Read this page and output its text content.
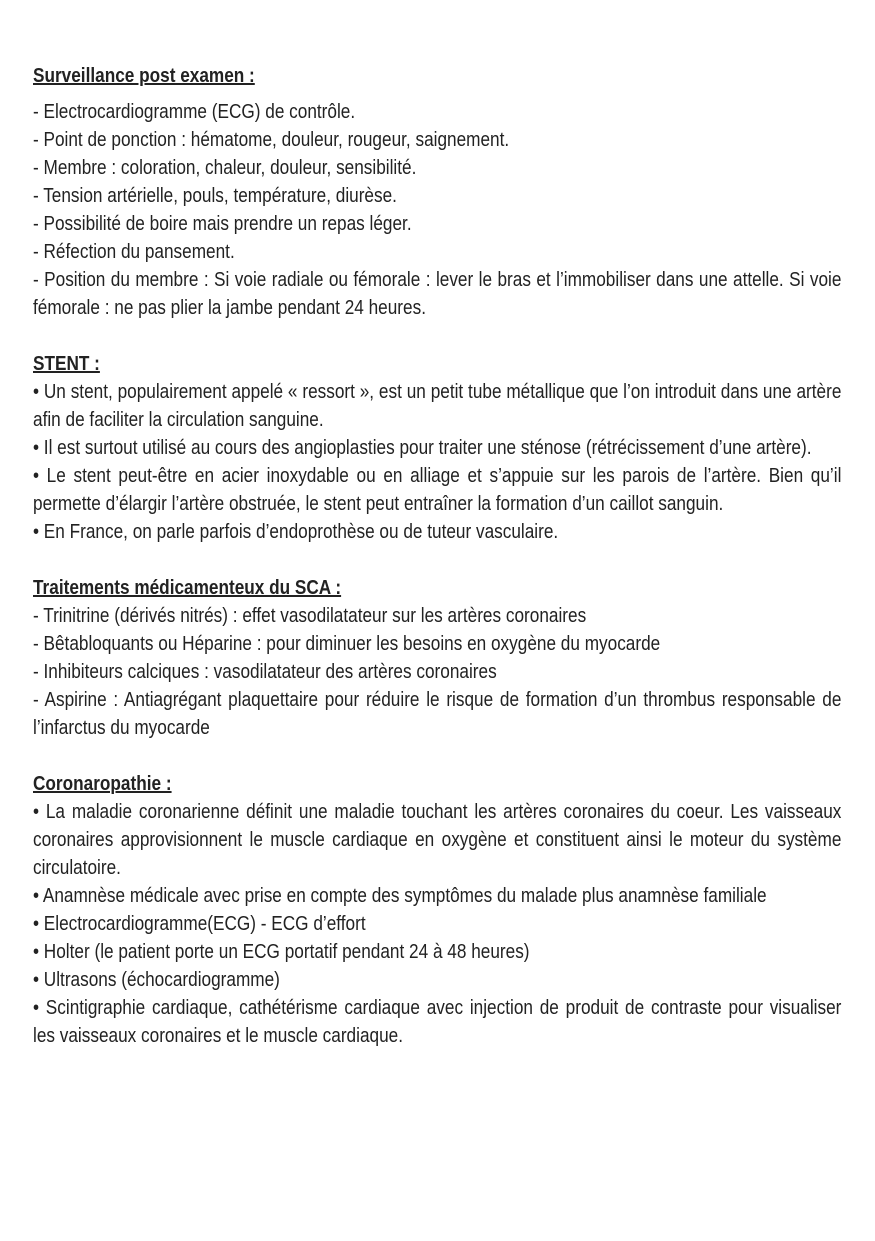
Surveillance post examen :

- Electrocardiogramme (ECG) de contrôle.

- Point de ponction : hématome, douleur, rougeur, saignement.

- Membre : coloration, chaleur, douleur, sensibilité.

- Tension artérielle, pouls, température, diurèse.

- Possibilité de boire mais prendre un repas léger.

- Réfection du pansement.

- Position du membre : Si voie radiale ou fémorale : lever le bras et l’immobiliser dans une attelle. Si voie fémorale : ne pas plier la jambe pendant 24 heures.

STENT :

• Un stent, populairement appelé « ressort », est un petit tube métallique que l’on introduit dans une artère afin de faciliter la circulation sanguine.

• Il est surtout utilisé au cours des angioplasties pour traiter une sténose (rétrécissement d’une artère).

• Le stent peut-être en acier inoxydable ou en alliage et s’appuie sur les parois de l’artère. Bien qu’il permette d’élargir l’artère obstruée, le stent peut entraîner la formation d’un caillot sanguin.

• En France, on parle parfois d’endoprothèse ou de tuteur vasculaire.

Traitements médicamenteux du SCA :

- Trinitrine (dérivés nitrés) : effet vasodilatateur sur les artères coronaires

- Bêtabloquants ou Héparine : pour diminuer les besoins en oxygène du myocarde

- Inhibiteurs calciques : vasodilatateur des artères coronaires

- Aspirine : Antiagrégant plaquettaire pour réduire le risque de formation d’un thrombus responsable de l’infarctus du myocarde

Coronaropathie :

• La maladie coronarienne définit une maladie touchant les artères coronaires du coeur. Les vaisseaux coronaires approvisionnent le muscle cardiaque en oxygène et constituent ainsi le moteur du système circulatoire.

• Anamnèse médicale avec prise en compte des symptômes du malade plus anamnèse familiale

• Electrocardiogramme(ECG) - ECG d’effort

• Holter (le patient porte un ECG portatif pendant 24 à 48 heures)

• Ultrasons (échocardiogramme)

• Scintigraphie cardiaque, cathétérisme cardiaque avec injection de produit de contraste pour visualiser les vaisseaux coronaires et le muscle cardiaque.
